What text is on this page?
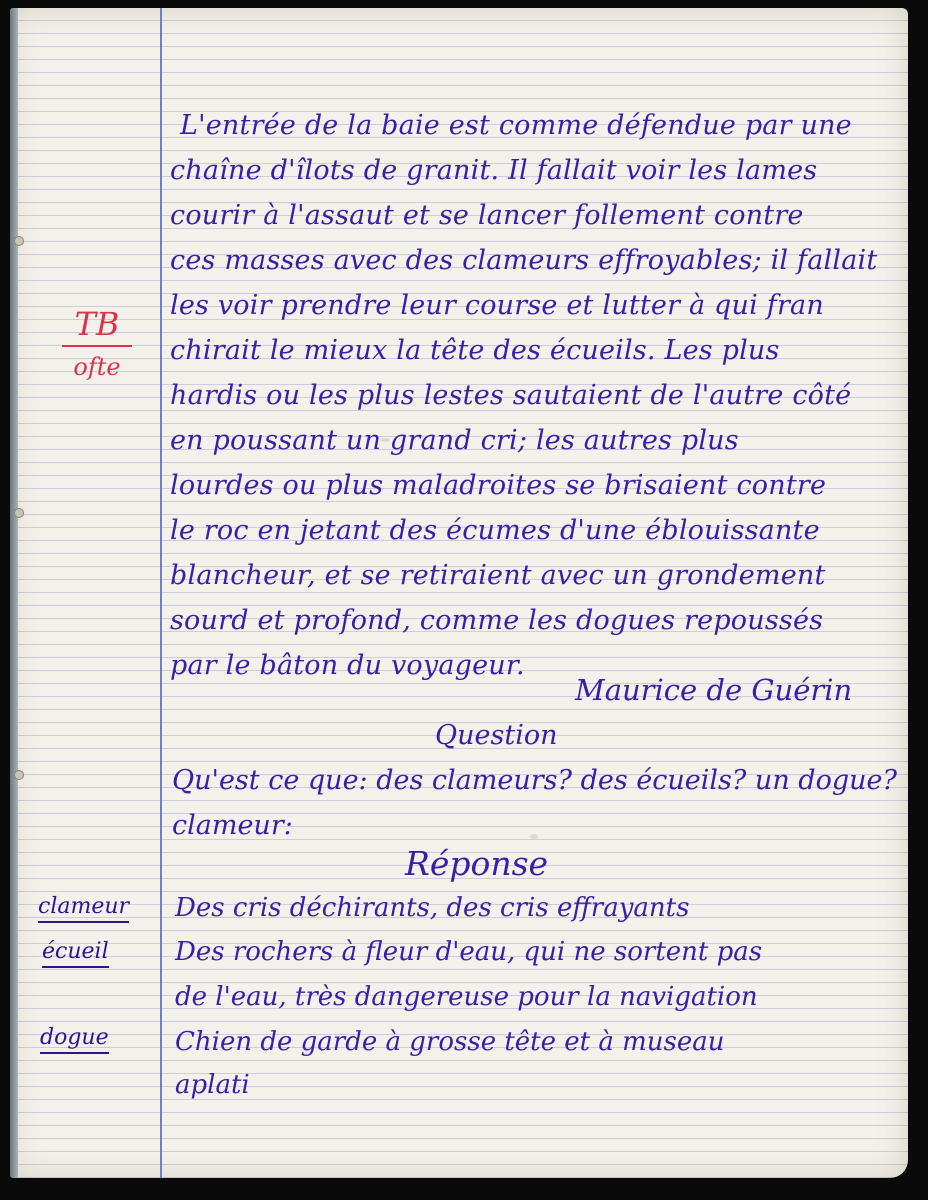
TB
ofte
L'entrée de la baie est comme défendue par une
chaîne d'îlots de granit. Il fallait voir les lames
courir à l'assaut et se lancer follement contre
ces masses avec des clameurs effroyables; il fallait
les voir prendre leur course et lutter à qui fran
chirait le mieux la tête des écueils. Les plus
hardis ou les plus lestes sautaient de l'autre côté
en poussant un grand cri; les autres plus
lourdes ou plus maladroites se brisaient contre
le roc en jetant des écumes d'une éblouissante
blancheur, et se retiraient avec un grondement
sourd et profond, comme les dogues repoussés
par le bâton du voyageur.
Maurice de Guérin
Question
Qu'est ce que: des clameurs? des écueils? un dogue?
clameur:
Réponse
Des cris déchirants, des cris effrayants
Des rochers à fleur d'eau, qui ne sortent pas
de l'eau, très dangereuse pour la navigation
Chien de garde à grosse tête et à museau
aplati
clameur
écueil
dogue
